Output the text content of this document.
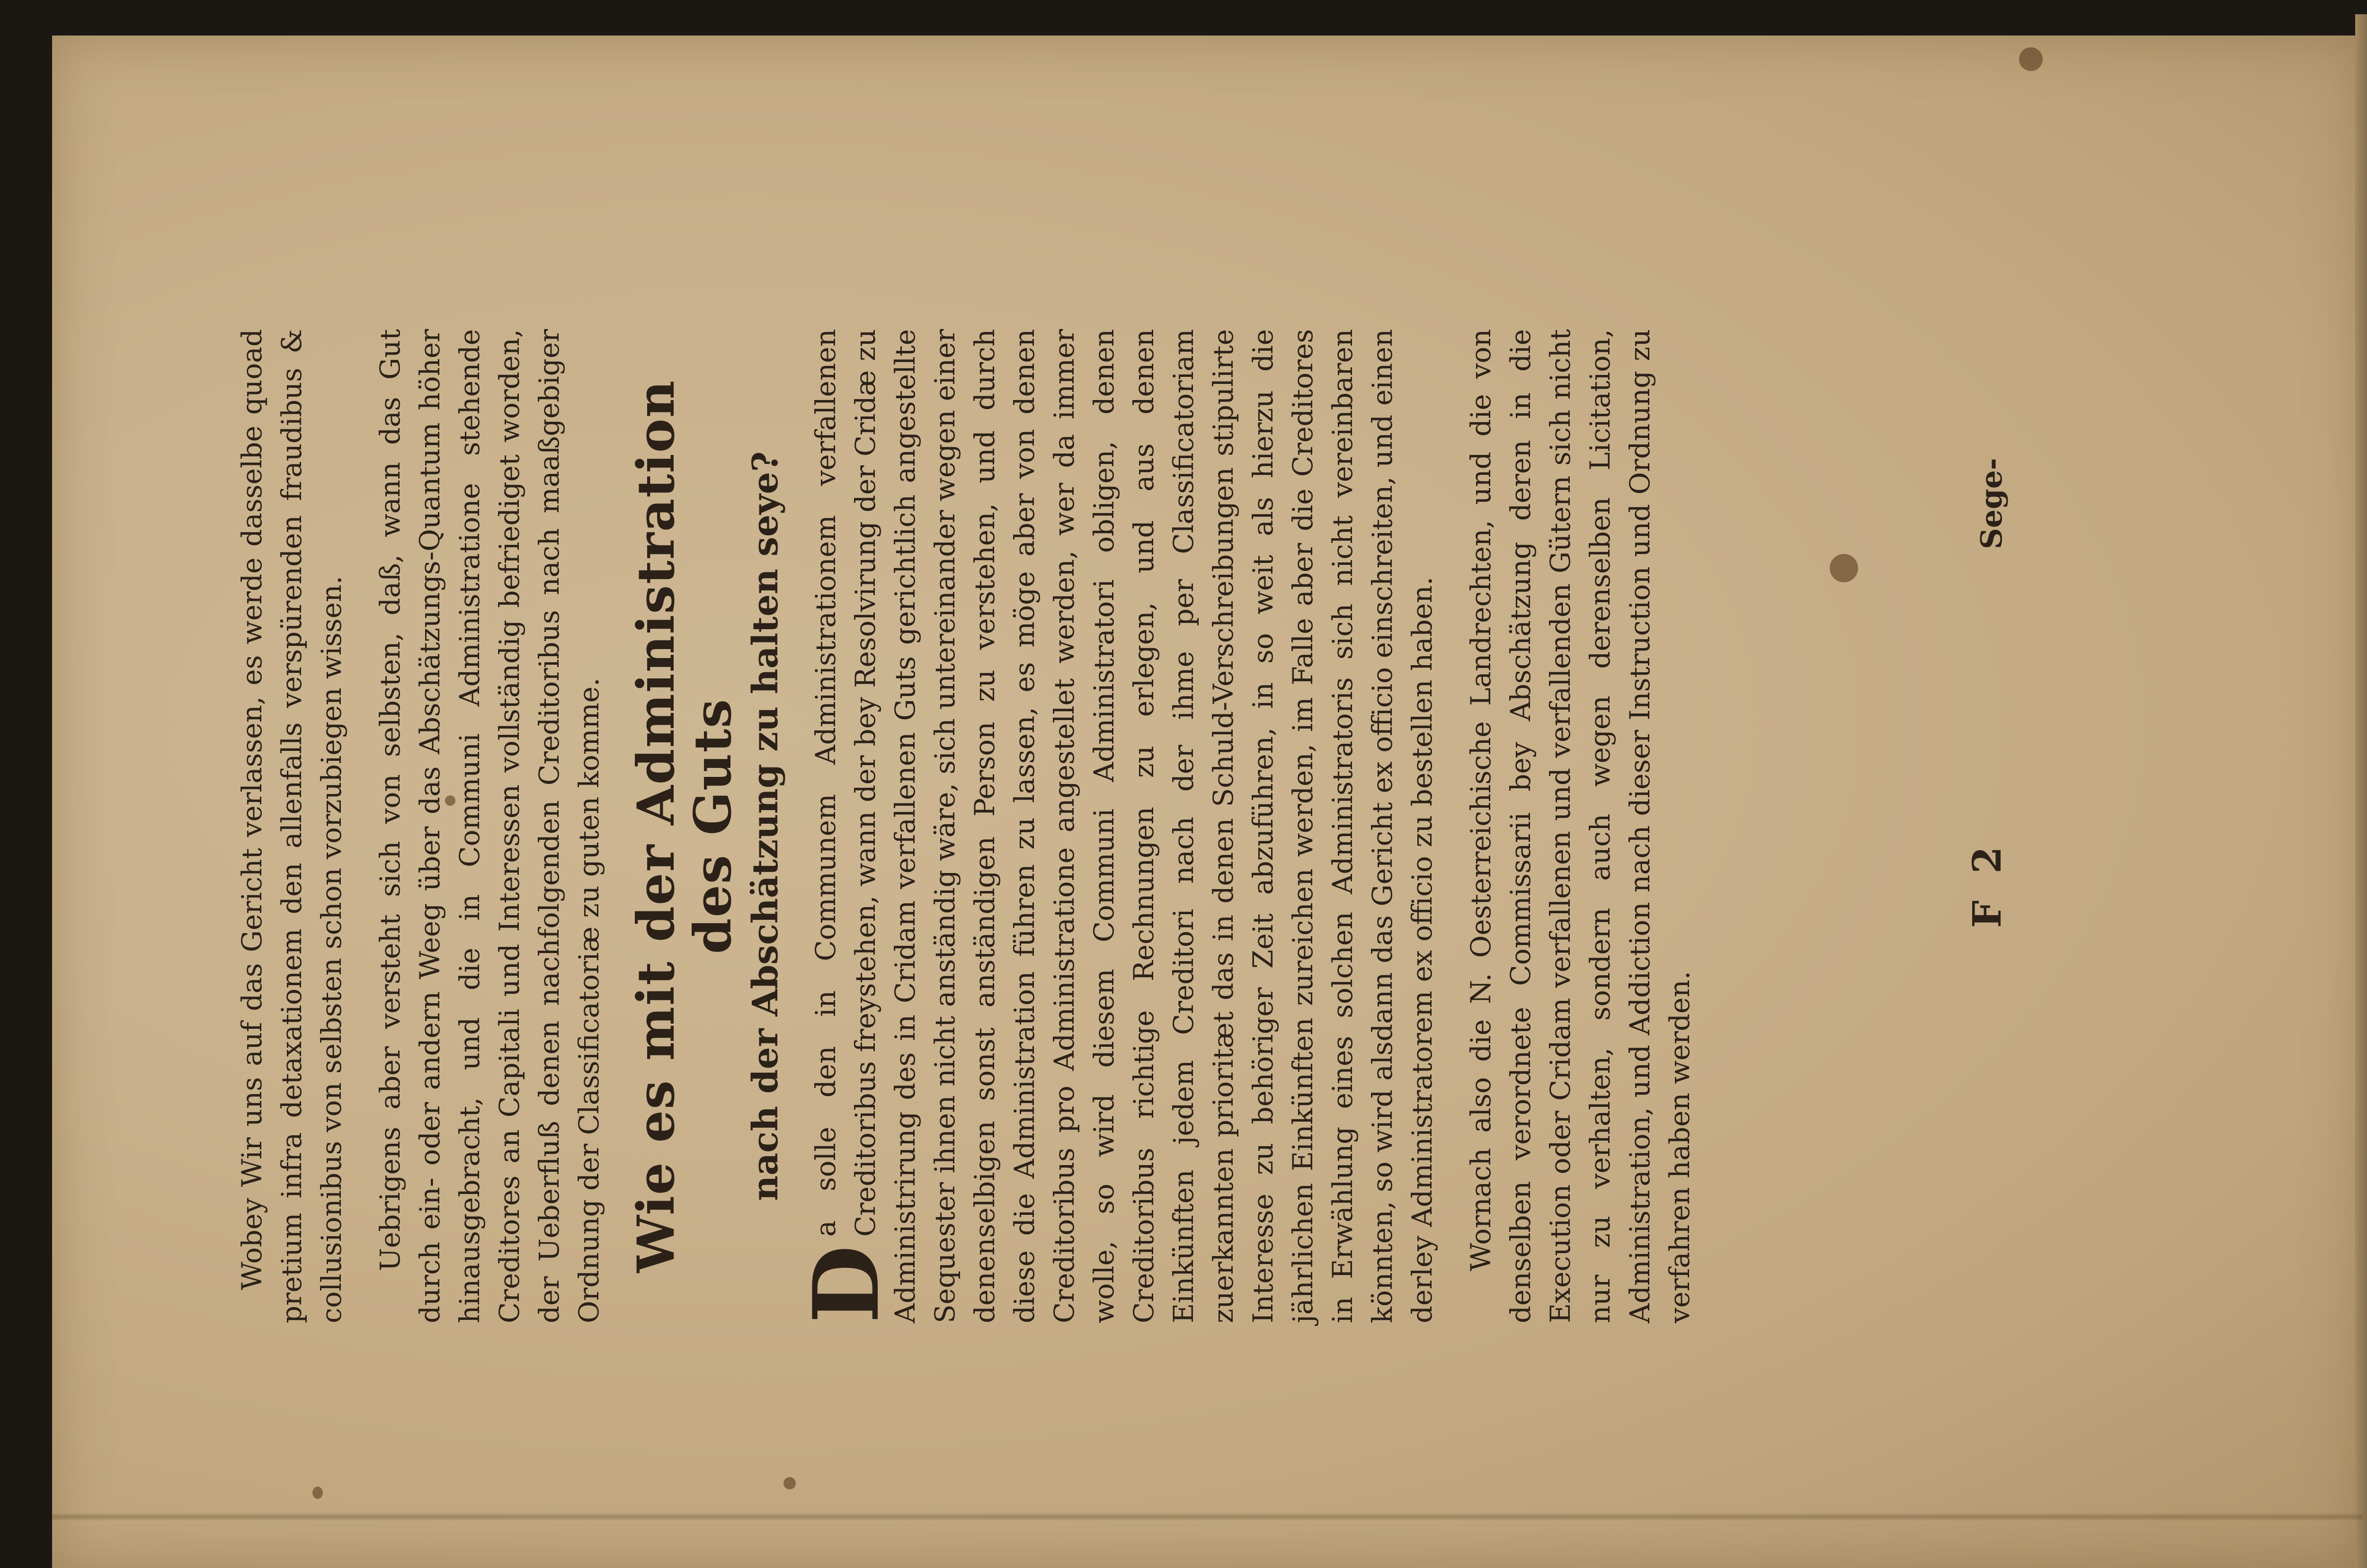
Wobey Wir uns auf das Gericht verlassen, es werde dasselbe quoad pretium infra detaxationem den allenfalls verspürenden fraudibus & collusionibus von selbsten schon vorzubiegen wissen. Uebrigens aber versteht sich von selbsten, daß, wann das Gut durch ein- oder andern Weeg über das Abschätzungs-Quantum höher hinausgebracht, und die in Communi Administratione stehende Creditores an Capitali und Interessen vollständig befriediget worden, der Ueberfluß denen nachfolgenden Creditoribus nach maaßgebiger Ordnung der Classificatoriæ zu guten komme. Wie es mit der Administration des Guts nach der Abschätzung zu halten seye?

D
a solle den in Communem Administrationem verfallenen Creditoribus freystehen, wann der bey Resolvirung der Cridæ zu Administrirung des in Cridam verfallenen Guts gerichtlich angestellte Sequester ihnen nicht anständig wäre, sich untereinander wegen einer denenselbigen sonst anständigen Person zu verstehen, und durch diese die Administration führen zu lassen, es möge aber von denen Creditoribus pro Administratione angestellet werden, wer da immer wolle, so wird diesem Communi Administratori obligen, denen Creditoribus richtige Rechnungen zu erlegen, und aus denen Einkünften jedem Creditori nach der ihme per Classificatoriam zuerkannten prioritæt das in denen Schuld-Verschreibungen stipulirte Interesse zu behöriger Zeit abzuführen, in so weit als hierzu die jährlichen Einkünften zureichen werden, im Falle aber die Creditores in Erwählung eines solchen Administratoris sich nicht vereinbaren könnten, so wird alsdann das Gericht ex officio einschreiten, und einen derley Administratorem ex officio zu bestellen haben. Wornach also die N. Oesterreichische Landrechten, und die von denselben verordnete Commissarii bey Abschätzung deren in die Execution oder Cridam verfallenen und verfallenden Gütern sich nicht nur zu verhalten, sondern auch wegen derenselben Licitation, Administration, und Addiction nach dieser Instruction und Ordnung zu verfahren haben werden.

F 2
Sege-
